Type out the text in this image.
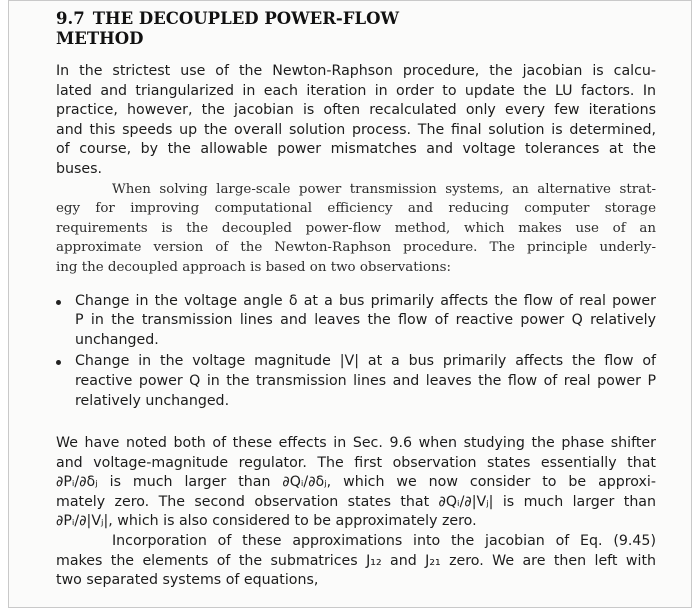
9.7 THE DECOUPLED POWER-FLOW
METHOD
In the strictest use of the Newton-Raphson procedure, the jacobian is calcu-
lated and triangularized in each iteration in order to update the LU factors. In
practice, however, the jacobian is often recalculated only every few iterations
and this speeds up the overall solution process. The final solution is determined,
of course, by the allowable power mismatches and voltage tolerances at the
buses.
When solving large-scale power transmission systems, an alternative strat-
egy for improving computational efficiency and reducing computer storage
requirements is the decoupled power-flow method, which makes use of an
approximate version of the Newton-Raphson procedure. The principle underly-
ing the decoupled approach is based on two observations:
Change in the voltage angle δ at a bus primarily affects the flow of real power
P in the transmission lines and leaves the flow of reactive power Q relatively
unchanged.
Change in the voltage magnitude |V| at a bus primarily affects the flow of
reactive power Q in the transmission lines and leaves the flow of real power P
relatively unchanged.
We have noted both of these effects in Sec. 9.6 when studying the phase shifter
and voltage-magnitude regulator. The first observation states essentially that
∂Pᵢ/∂δⱼ is much larger than ∂Qᵢ/∂δⱼ, which we now consider to be approxi-
mately zero. The second observation states that ∂Qᵢ/∂|Vⱼ| is much larger than
∂Pᵢ/∂|Vⱼ|, which is also considered to be approximately zero.
Incorporation of these approximations into the jacobian of Eq. (9.45)
makes the elements of the submatrices J₁₂ and J₂₁ zero. We are then left with
two separated systems of equations,
